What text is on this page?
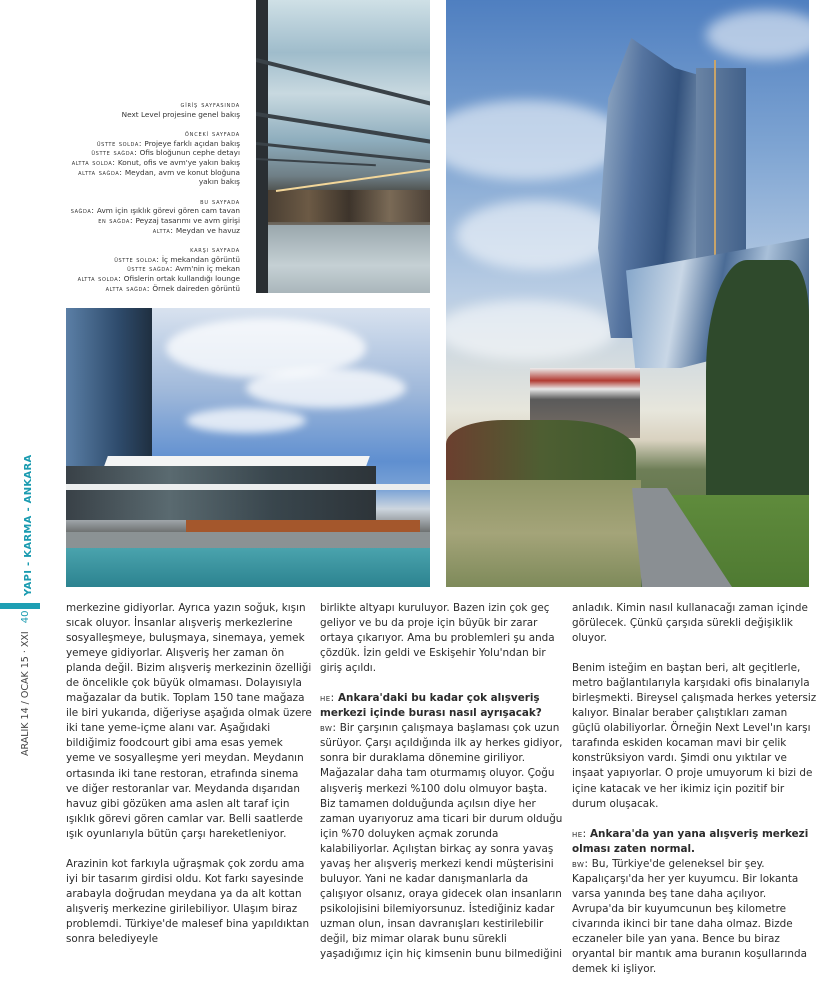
gi̇ri̇ş sayfasinda
Next Level projesine genel bakış
önceki̇ sayfada
üstte solda: Projeye farklı açıdan bakış
üstte sağda: Ofis bloğunun cephe detayı
altta solda: Konut, ofis ve avm'ye yakın bakış
altta sağda: Meydan, avm ve konut bloğuna yakın bakış
bu sayfada
sağda: Avm için ışıklık görevi gören cam tavan
en sağda: Peyzaj tasarımı ve avm girişi
altta: Meydan ve havuz
karşi sayfada
üstte solda: İç mekandan görüntü
üstte sağda: Avm'nin iç mekan
altta solda: Ofislerin ortak kullandığı lounge
altta sağda: Örnek daireden görüntü
YAPI - KARMA - ANKARA
ARALIK 14 / OCAK 15 · XXI40

merkezine gidiyorlar. Ayrıca yazın soğuk, kışın sıcak oluyor. İnsanlar alışveriş merkezlerine sosyalleşmeye, buluşmaya, sinemaya, yemek yemeye gidiyorlar. Alışveriş her zaman ön planda değil. Bizim alışveriş merkezinin özelliği de öncelikle çok büyük olmaması. Dolayısıyla mağazalar da butik. Toplam 150 tane mağaza ile biri yukarıda, diğeriyse aşağıda olmak üzere iki tane yeme-içme alanı var. Aşağıdaki bildiğimiz foodcourt gibi ama esas yemek yeme ve sosyalleşme yeri meydan. Meydanın ortasında iki tane restoran, etrafında sinema ve diğer restoranlar var. Meydanda dışarıdan havuz gibi gözüken ama aslen alt taraf için ışıklık görevi gören camlar var. Belli saatlerde ışık oyunlarıyla bütün çarşı hareketleniyor.

Arazinin kot farkıyla uğraşmak çok zordu ama iyi bir tasarım girdisi oldu. Kot farkı sayesinde arabayla doğrudan meydana ya da alt kottan alışveriş merkezine girilebiliyor. Ulaşım biraz problemdi. Türkiye'de malesef bina yapıldıktan sonra belediyeyle

birlikte altyapı kuruluyor. Bazen izin çok geç geliyor ve bu da proje için büyük bir zarar ortaya çıkarıyor. Ama bu problemleri şu anda çözdük. İzin geldi ve Eskişehir Yolu'ndan bir giriş açıldı.

he: Ankara'daki bu kadar çok alışveriş merkezi içinde burası nasıl ayrışacak?
bw: Bir çarşının çalışmaya başlaması çok uzun sürüyor. Çarşı açıldığında ilk ay herkes gidiyor, sonra bir duraklama dönemine giriliyor. Mağazalar daha tam oturmamış oluyor. Çoğu alışveriş merkezi %100 dolu olmuyor başta. Biz tamamen dolduğunda açılsın diye her zaman uyarıyoruz ama ticari bir durum olduğu için %70 doluyken açmak zorunda kalabiliyorlar. Açılıştan birkaç ay sonra yavaş yavaş her alışveriş merkezi kendi müşterisini buluyor. Yani ne kadar danışmanlarla da çalışıyor olsanız, oraya gidecek olan insanların psikolojisini bilemiyorsunuz. İstediğiniz kadar uzman olun, insan davranışları kestirilebilir değil, biz mimar olarak bunu sürekli yaşadığımız için hiç kimsenin bunu bilmediğini

anladık. Kimin nasıl kullanacağı zaman içinde görülecek. Çünkü çarşıda sürekli değişiklik oluyor.

Benim isteğim en baştan beri, alt geçitlerle, metro bağlantılarıyla karşıdaki ofis binalarıyla birleşmekti. Bireysel çalışmada herkes yetersiz kalıyor. Binalar beraber çalıştıkları zaman güçlü olabiliyorlar. Örneğin Next Level'ın karşı tarafında eskiden kocaman mavi bir çelik konstrüksiyon vardı. Şimdi onu yıktılar ve inşaat yapıyorlar. O proje umuyorum ki bizi de içine katacak ve her ikimiz için pozitif bir durum oluşacak.

he: Ankara'da yan yana alışveriş merkezi olması zaten normal.
bw: Bu, Türkiye'de geleneksel bir şey. Kapalıçarşı'da her yer kuyumcu. Bir lokanta varsa yanında beş tane daha açılıyor. Avrupa'da bir kuyumcunun beş kilometre civarında ikinci bir tane daha olmaz. Bizde eczaneler bile yan yana. Bence bu biraz oryantal bir mantık ama buranın koşullarında demek ki işliyor.
